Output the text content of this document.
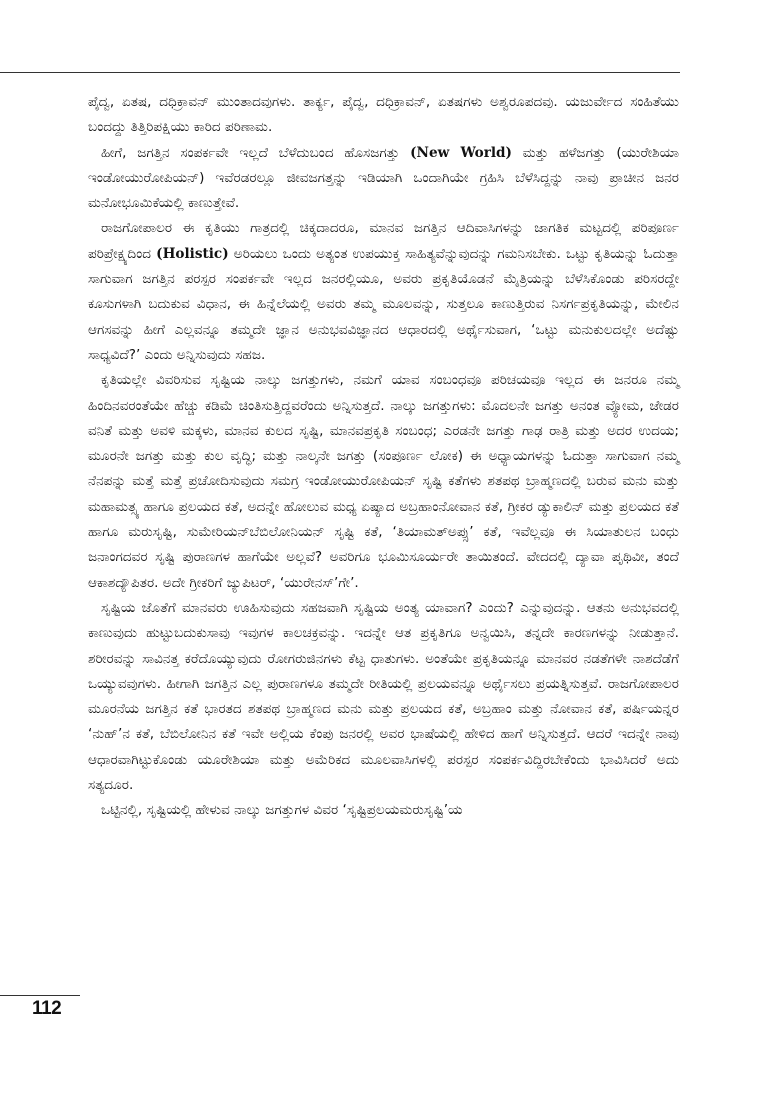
ಪೈದ್ವ, ಏತಷ, ದಧಿಕ್ರಾವನ್ ಮುಂತಾದವುಗಳು. ತಾರ್ಕ್ಯ, ಪೈದ್ವ, ದಧಿಕ್ರಾವನ್, ಏತಷಗಳು ಅಶ್ವರೂಪದವು. ಯಜುರ್ವೇದ ಸಂಹಿತೆಯು ಬಂದದ್ದು ತಿತ್ತಿರಿಪಕ್ಷಿಯು ಕಾರಿದ ಪರಿಣಾಮ.

ಹೀಗೆ, ಜಗತ್ತಿನ ಸಂಪರ್ಕವೇ ಇಲ್ಲದೆ ಬೆಳೆದುಬಂದ ಹೊಸಜಗತ್ತು (New World) ಮತ್ತು ಹಳೆಜಗತ್ತು (ಯುರೇಶಿಯಾ ಇಂಡೋಯುರೋಪಿಯನ್) ಇವೆರಡರಲ್ಲೂ ಜೀವಜಗತ್ತನ್ನು ಇಡಿಯಾಗಿ ಒಂದಾಗಿಯೇ ಗ್ರಹಿಸಿ ಬೆಳೆಸಿದ್ದನ್ನು ನಾವು ಪ್ರಾಚೀನ ಜನರ ಮನೋಭೂಮಿಕೆಯಲ್ಲಿ ಕಾಣುತ್ತೇವೆ.

ರಾಜಗೋಪಾಲರ ಈ ಕೃತಿಯು ಗಾತ್ರದಲ್ಲಿ ಚಿಕ್ಕದಾದರೂ, ಮಾನವ ಜಗತ್ತಿನ ಆದಿವಾಸಿಗಳನ್ನು ಜಾಗತಿಕ ಮಟ್ಟದಲ್ಲಿ ಪರಿಪೂರ್ಣ ಪರಿಪ್ರೇಕ್ಷ್ಯದಿಂದ (Holistic) ಅರಿಯಲು ಒಂದು ಅತ್ಯಂತ ಉಪಯುಕ್ತ ಸಾಹಿತ್ಯವೆನ್ನುವುದನ್ನು ಗಮನಿಸಬೇಕು. ಒಟ್ಟು ಕೃತಿಯನ್ನು ಓದುತ್ತಾ ಸಾಗುವಾಗ ಜಗತ್ತಿನ ಪರಸ್ಪರ ಸಂಪರ್ಕವೇ ಇಲ್ಲದ ಜನರಲ್ಲಿಯೂ, ಅವರು ಪ್ರಕೃತಿಯೊಡನೆ ಮೈತ್ರಿಯನ್ನು ಬೆಳೆಸಿಕೊಂಡು ಪರಿಸರದ್ದೇ ಕೂಸುಗಳಾಗಿ ಬದುಕುವ ವಿಧಾನ, ಈ ಹಿನ್ನೆಲೆಯಲ್ಲಿ ಅವರು ತಮ್ಮ ಮೂಲವನ್ನು, ಸುತ್ತಲೂ ಕಾಣುತ್ತಿರುವ ನಿಸರ್ಗಪ್ರಕೃತಿಯನ್ನು, ಮೇಲಿನ ಆಗಸವನ್ನು ಹೀಗೆ ಎಲ್ಲವನ್ನೂ ತಮ್ಮದೇ ಜ್ಞಾನ ಅನುಭವವಿಜ್ಞಾನದ ಆಧಾರದಲ್ಲಿ ಅರ್ಥೈಸುವಾಗ, ‘ಒಟ್ಟು ಮನುಕುಲದಲ್ಲೇ ಅದೆಷ್ಟು ಸಾಧ್ಯವಿದೆ?’ ಎಂದು ಅನ್ನಿಸುವುದು ಸಹಜ.

ಕೃತಿಯಲ್ಲೇ ವಿವರಿಸುವ ಸೃಷ್ಟಿಯ ನಾಲ್ಕು ಜಗತ್ತುಗಳು, ನಮಗೆ ಯಾವ ಸಂಬಂಧವೂ ಪರಿಚಯವೂ ಇಲ್ಲದ ಈ ಜನರೂ ನಮ್ಮ ಹಿಂದಿನವರಂತೆಯೇ ಹೆಚ್ಚು ಕಡಿಮೆ ಚಿಂತಿಸುತ್ತಿದ್ದವರೆಂದು ಅನ್ನಿಸುತ್ತದೆ. ನಾಲ್ಕು ಜಗತ್ತುಗಳು: ಮೊದಲನೇ ಜಗತ್ತು ಅನಂತ ವ್ಯೋಮ, ಜೇಡರ ವನಿತೆ ಮತ್ತು ಅವಳಿ ಮಕ್ಕಳು, ಮಾನವ ಕುಲದ ಸೃಷ್ಟಿ, ಮಾನವಪ್ರಕೃತಿ ಸಂಬಂಧ; ಎರಡನೇ ಜಗತ್ತು ಗಾಢ ರಾತ್ರಿ ಮತ್ತು ಅದರ ಉದಯ; ಮೂರನೇ ಜಗತ್ತು ಮತ್ತು ಕುಲ ವೃದ್ಧಿ; ಮತ್ತು ನಾಲ್ಕನೇ ಜಗತ್ತು (ಸಂಪೂರ್ಣ ಲೋಕ) ಈ ಅಧ್ಯಾಯಗಳನ್ನು ಓದುತ್ತಾ ಸಾಗುವಾಗ ನಮ್ಮ ನೆನಪನ್ನು ಮತ್ತೆ ಮತ್ತೆ ಪ್ರಚೋದಿಸುವುದು ಸಮಗ್ರ ಇಂಡೋಯುರೋಪಿಯನ್ ಸೃಷ್ಟಿ ಕತೆಗಳು ಶತಪಥ ಬ್ರಾಹ್ಮಣದಲ್ಲಿ ಬರುವ ಮನು ಮತ್ತು ಮಹಾಮತ್ಸ್ಯ ಹಾಗೂ ಪ್ರಲಯದ ಕತೆ, ಅದನ್ನೇ ಹೋಲುವ ಮಧ್ಯ ಏಷ್ಯಾದ ಅಬ್ರಹಾಂನೋವಾನ ಕತೆ, ಗ್ರೀಕರ ಡ್ಯುಕಾಲಿನ್ ಮತ್ತು ಪ್ರಲಯದ ಕತೆ ಹಾಗೂ ಮರುಸೃಷ್ಟಿ, ಸುಮೇರಿಯನ್‌ಬೆಬಿಲೋನಿಯನ್ ಸೃಷ್ಟಿ ಕತೆ, ‘ತಿಯಾಮತ್‌ಅಪ್ಸು’ ಕತೆ, ಇವೆಲ್ಲವೂ ಈ ಸಿಯಾತುಲನ ಬಂಧು ಜನಾಂಗದವರ ಸೃಷ್ಟಿ ಪುರಾಣಗಳ ಹಾಗೆಯೇ ಅಲ್ಲವೆ? ಅವರಿಗೂ ಭೂಮಿಸೂರ್ಯರೇ ತಾಯಿತಂದೆ. ವೇದದಲ್ಲಿ ದ್ಯಾವಾ ಪೃಥಿವೀ, ತಂದೆ ಆಕಾಶದ್ಯೌಪಿತರ. ಅದೇ ಗ್ರೀಕರಿಗೆ ಜ್ಯುಪಿಟರ್, ‘ಯುರೇನಸ್’ಗೇ’.

ಸೃಷ್ಟಿಯ ಜೊತೆಗೆ ಮಾನವರು ಊಹಿಸುವುದು ಸಹಜವಾಗಿ ಸೃಷ್ಟಿಯ ಅಂತ್ಯ ಯಾವಾಗ? ಎಂದು? ಎನ್ನುವುದನ್ನು. ಆತನು ಅನುಭವದಲ್ಲಿ ಕಾಣುವುದು ಹುಟ್ಟುಬದುಕುಸಾವು ಇವುಗಳ ಕಾಲಚಕ್ರವನ್ನು. ಇದನ್ನೇ ಆತ ಪ್ರಕೃತಿಗೂ ಅನ್ವಯಿಸಿ, ತನ್ನದೇ ಕಾರಣಗಳನ್ನು ನೀಡುತ್ತಾನೆ. ಶರೀರವನ್ನು ಸಾವಿನತ್ತ ಕರೆದೊಯ್ಯುವುದು ರೋಗರುಜಿನಗಳು ಕೆಟ್ಟ ಧಾತುಗಳು. ಅಂತೆಯೇ ಪ್ರಕೃತಿಯನ್ನೂ ಮಾನವರ ನಡತೆಗಳೇ ನಾಶದೆಡೆಗೆ ಒಯ್ಯುವವುಗಳು. ಹೀಗಾಗಿ ಜಗತ್ತಿನ ಎಲ್ಲ ಪುರಾಣಗಳೂ ತಮ್ಮದೇ ರೀತಿಯಲ್ಲಿ ಪ್ರಲಯವನ್ನೂ ಅರ್ಥೈಸಲು ಪ್ರಯತ್ನಿಸುತ್ತವೆ. ರಾಜಗೋಪಾಲರ ಮೂರನೆಯ ಜಗತ್ತಿನ ಕತೆ ಭಾರತದ ಶತಪಥ ಬ್ರಾಹ್ಮಣದ ಮನು ಮತ್ತು ಪ್ರಲಯದ ಕತೆ, ಅಬ್ರಹಾಂ ಮತ್ತು ನೋವಾನ ಕತೆ, ಪರ್ಷಿಯನ್ನರ ‘ನುಹ್’ನ ಕತೆ, ಬೆಬಿಲೋನಿನ ಕತೆ ಇವೇ ಅಲ್ಲಿಯ ಕೆಂಪು ಜನರಲ್ಲಿ ಅವರ ಭಾಷೆಯಲ್ಲಿ ಹೇಳಿದ ಹಾಗೆ ಅನ್ನಿಸುತ್ತದೆ. ಆದರೆ ಇದನ್ನೇ ನಾವು ಆಧಾರವಾಗಿಟ್ಟುಕೊಂಡು ಯೂರೇಶಿಯಾ ಮತ್ತು ಅಮೆರಿಕದ ಮೂಲವಾಸಿಗಳಲ್ಲಿ ಪರಸ್ಪರ ಸಂಪರ್ಕವಿದ್ದಿರಬೇಕೆಂದು ಭಾವಿಸಿದರೆ ಅದು ಸತ್ಯದೂರ.

ಒಟ್ಟಿನಲ್ಲಿ, ಸೃಷ್ಟಿಯಲ್ಲಿ ಹೇಳುವ ನಾಲ್ಕು ಜಗತ್ತುಗಳ ವಿವರ ‘ಸೃಷ್ಟಿಪ್ರಲಯಮರುಸೃಷ್ಟಿ’ಯ

112
